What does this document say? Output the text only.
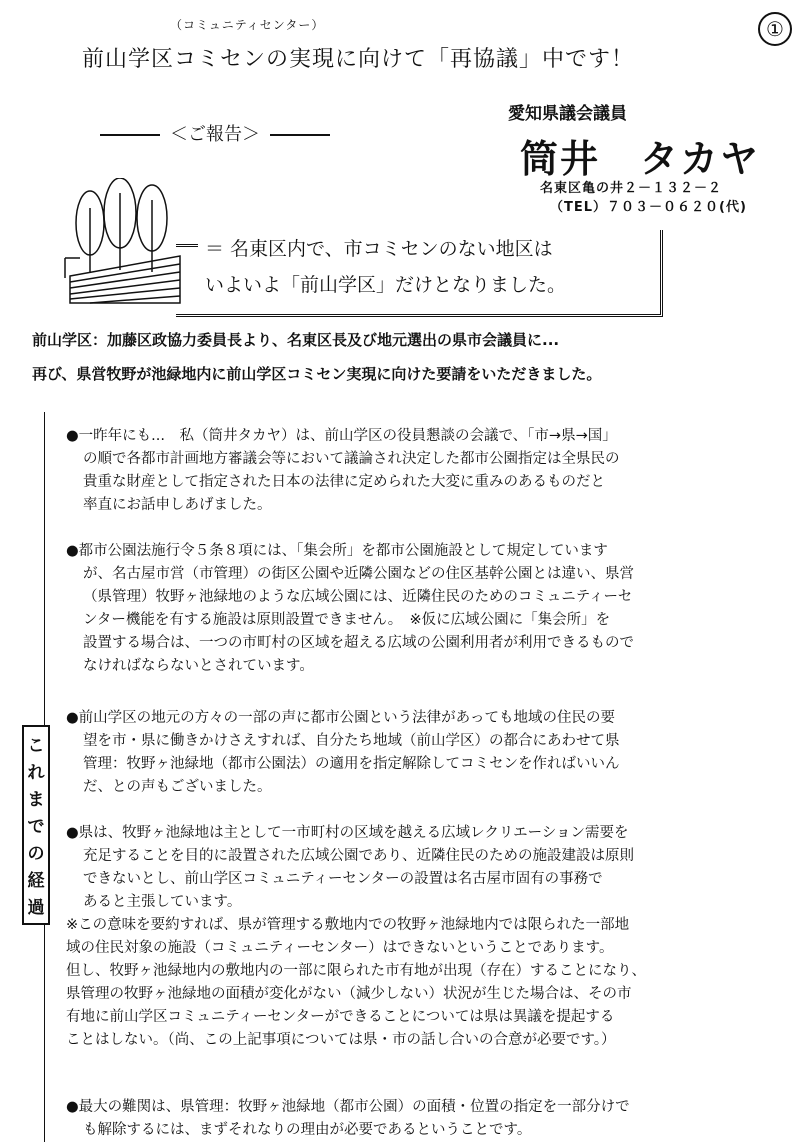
（コミュニティセンター）
前山学区コミセンの実現に向けて「再協議」中です！
①
＜ご報告＞
愛知県議会議員
筒井　タカヤ
名東区亀の井２－１３２－２
（TEL）７０３－０６２０(代)
＝ 名東区内で、市コミセンのない地区は
いよいよ「前山学区」だけとなりました。
前山学区：加藤区政協力委員長より、名東区長及び地元選出の県市会議員に...
再び、県営牧野が池緑地内に前山学区コミセン実現に向けた要請をいただきました。
こ
れ
ま
で
の
経
過
●一昨年にも...　私（筒井タカヤ）は、前山学区の役員懇談の会議で、「市→県→国」
の順で各都市計画地方審議会等において議論され決定した都市公園指定は全県民の
貴重な財産として指定された日本の法律に定められた大変に重みのあるものだと
率直にお話申しあげました。
●都市公園法施行令５条８項には、「集会所」を都市公園施設として規定しています
が、名古屋市営（市管理）の街区公園や近隣公園などの住区基幹公園とは違い、県営
（県管理）牧野ヶ池緑地のような広域公園には、近隣住民のためのコミュニティーセ
ンター機能を有する施設は原則設置できません。　※仮に広域公園に「集会所」を
設置する場合は、一つの市町村の区域を超える広域の公園利用者が利用できるもので
なければならないとされています。
●前山学区の地元の方々の一部の声に都市公園という法律があっても地域の住民の要
望を市・県に働きかけさえすれば、自分たち地域（前山学区）の都合にあわせて県
管理：牧野ヶ池緑地（都市公園法）の適用を指定解除してコミセンを作ればいいん
だ、との声もございました。
●県は、牧野ヶ池緑地は主として一市町村の区域を越える広域レクリエーション需要を
充足することを目的に設置された広域公園であり、近隣住民のための施設建設は原則
できないとし、前山学区コミュニティーセンターの設置は名古屋市固有の事務で
あると主張しています。
※この意味を要約すれば、県が管理する敷地内での牧野ヶ池緑地内では限られた一部地
域の住民対象の施設（コミュニティーセンター）はできないということであります。
但し、牧野ヶ池緑地内の敷地内の一部に限られた市有地が出現（存在）することになり、
県管理の牧野ヶ池緑地の面積が変化がない（減少しない）状況が生じた場合は、その市
有地に前山学区コミュニティーセンターができることについては県は異議を提起する
ことはしない。（尚、この上記事項については県・市の話し合いの合意が必要です。）
●最大の難関は、県管理：牧野ヶ池緑地（都市公園）の面積・位置の指定を一部分けで
も解除するには、まずそれなりの理由が必要であるということです。
